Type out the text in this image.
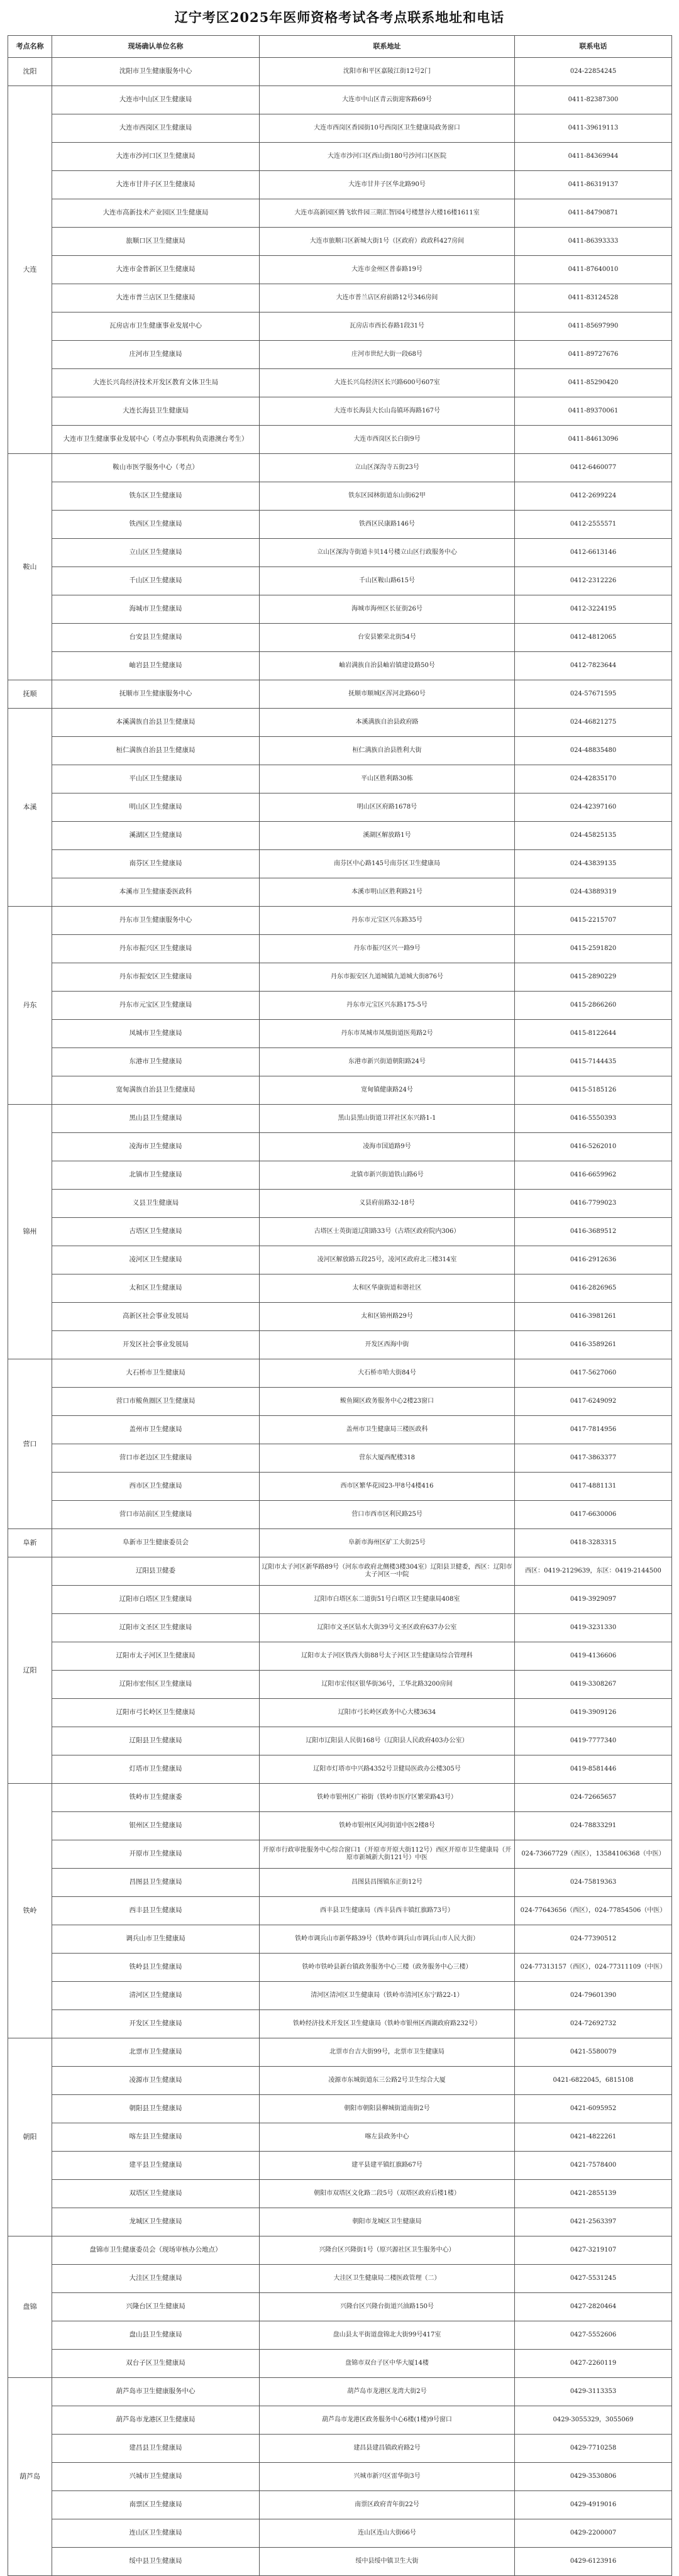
辽宁考区2025年医师资格考试各考点联系地址和电话
考点名称	现场确认单位名称	联系地址	联系电话
沈阳	沈阳市卫生健康服务中心	沈阳市和平区嘉陵江街12号2门	024-22854245
大连	大连市中山区卫生健康局	大连市中山区青云街迎客路69号	0411-82387300
	大连市西岗区卫生健康局	大连市西岗区香园街10号西岗区卫生健康局政务窗口	0411-39619113
	大连市沙河口区卫生健康局	大连市沙河口区西山街180号沙河口区医院	0411-84369944
	大连市甘井子区卫生健康局	大连市甘井子区华北路90号	0411-86319137
	大连市高新技术产业园区卫生健康局	大连市高新园区腾飞软件园三期汇智园4号楼慧谷大楼16楼1611室	0411-84790871
	旅顺口区卫生健康局	大连市旅顺口区新城大街1号（区政府）政政科427房间	0411-86393333
	大连市金普新区卫生健康局	大连市金州区普泰路19号	0411-87640010
	大连市普兰店区卫生健康局	大连市普兰店区府前路12号346房间	0411-83124528
	瓦房店市卫生健康事业发展中心	瓦房店市西长春路1段31号	0411-85697990
	庄河市卫生健康局	庄河市世纪大街一段68号	0411-89727676
	大连长兴岛经济技术开发区教育文体卫生局	大连长兴岛经济区长兴路600号607室	0411-85290420
	大连长海县卫生健康局	大连市长海县大长山岛镇环海路167号	0411-89370061
	大连市卫生健康事业发展中心（考点办事机构负责港澳台考生）	大连市西岗区长白街9号	0411-84613096
鞍山	鞍山市医学服务中心（考点）	立山区深沟寺五街23号	0412-6460077
	铁东区卫生健康局	铁东区园林街道东山街62甲	0412-2699224
	铁西区卫生健康局	铁西区民康路146号	0412-2555571
	立山区卫生健康局	立山区深沟寺街道卡贝14号楼立山区行政服务中心	0412-6613146
	千山区卫生健康局	千山区鞍山路615号	0412-2312226
	海城市卫生健康局	海城市海州区长征街26号	0412-3224195
	台安县卫生健康局	台安县繁荣北街54号	0412-4812065
	岫岩县卫生健康局	岫岩满族自治县岫岩镇建设路50号	0412-7823644
抚顺	抚顺市卫生健康服务中心	抚顺市顺城区浑河北路60号	024-57671595
本溪	本溪满族自治县卫生健康局	本溪满族自治县政府路	024-46821275
	桓仁满族自治县卫生健康局	桓仁满族自治县胜利大街	024-48835480
	平山区卫生健康局	平山区胜利路30栋	024-42835170
	明山区卫生健康局	明山区区府路1678号	024-42397160
	溪湖区卫生健康局	溪湖区解放路1号	024-45825135
	南芬区卫生健康局	南芬区中心路145号南芬区卫生健康局	024-43839135
	本溪市卫生健康委医政科	本溪市明山区胜利路21号	024-43889319
丹东	丹东市卫生健康服务中心	丹东市元宝区兴东路35号	0415-2215707
	丹东市振兴区卫生健康局	丹东市振兴区兴一路9号	0415-2591820
	丹东市振安区卫生健康局	丹东市振安区九道城镇九道城大街876号	0415-2890229
	丹东市元宝区卫生健康局	丹东市元宝区兴东路175-5号	0415-2866260
	凤城市卫生健康局	丹东市凤城市凤凰街道医苑路2号	0415-8122644
	东港市卫生健康局	东港市新兴街道朝阳路24号	0415-7144435
	宽甸满族自治县卫生健康局	宽甸镇健康路24号	0415-5185126
锦州	黑山县卫生健康局	黑山县黑山街道卫祥社区东兴路1-1	0416-5550393
	凌海市卫生健康局	凌海市国道路9号	0416-5262010
	北镇市卫生健康局	北镇市新兴街道铁山路6号	0416-6659962
	义县卫生健康局	义县府前路32-18号	0416-7799023
	古塔区卫生健康局	古塔区士英街道辽阳路33号（古塔区政府院内306）	0416-3689512
	凌河区卫生健康局	凌河区解放路五段25号，凌河区政府北三楼314室	0416-2912636
	太和区卫生健康局	太和区华康街道和谐社区	0416-2826965
	高新区社会事业发展局	太和区锦州路29号	0416-3981261
	开发区社会事业发展局	开发区西海中街	0416-3589261
营口	大石桥市卫生健康局	大石桥市哈大街84号	0417-5627060
	营口市鲅鱼圈区卫生健康局	鲅鱼圈区政务服务中心2楼23窗口	0417-6249092
	盖州市卫生健康局	盖州市卫生健康局三楼医政科	0417-7814956
	营口市老边区卫生健康局	营东大厦西配楼318	0417-3863377
	西市区卫生健康局	西市区繁华花园23-甲8号4楼416	0417-4881131
	营口市站前区卫生健康局	营口市西市区利民路25号	0417-6630006
阜新	阜新市卫生健康委员会	阜新市海州区矿工大街25号	0418-3283315
辽阳	辽阳县卫健委	辽阳市太子河区新华路89号（河东市政府北侧楼3楼304室）辽阳县卫健委，西区：辽阳市太子河区一中院	西区：0419-2129639，东区：0419-2144500
	辽阳市白塔区卫生健康局	辽阳市白塔区东二道街51号白塔区卫生健康局408室	0419-3929097
	辽阳市文圣区卫生健康局	辽阳市文圣区钻水大街39号文圣区政府637办公室	0419-3231330
	辽阳市太子河区卫生健康局	辽阳市太子河区铁西大街88号太子河区卫生健康局综合管理科	0419-4136606
	辽阳市宏伟区卫生健康局	辽阳市宏伟区银华街36号，工华北路3200房间	0419-3308267
	辽阳市弓长岭区卫生健康局	辽阳市弓长岭区政务中心大楼3634	0419-3909126
	辽阳县卫生健康局	辽阳市辽阳县人民街168号（辽阳县人民政府403办公室）	0419-7777340
	灯塔市卫生健康局	辽阳市灯塔市中兴路4352号卫健局医政办公楼305号	0419-8581446
铁岭	铁岭市卫生健康委	铁岭市银州区广裕街（铁岭市医疗区繁荣路43号）	024-72665657
	银州区卫生健康局	铁岭市银州区风河街道中医2楼8号	024-78833291
	开原市卫生健康局	开原市行政审批服务中心综合窗口1（开原市开原大街112号）西区开原市卫生健康局（开原市新城新大街121号）中医	024-73667729（西区），13584106368（中医）
	昌图县卫生健康局	昌图县昌图镇东正街12号	024-75819363
	西丰县卫生健康局	西丰县卫生健康局（西丰县西丰镇红旗路73号）	024-77643656（西区），024-77854506（中医）
	调兵山市卫生健康局	铁岭市调兵山市新华路39号（铁岭市调兵山市调兵山市人民大街）	024-77390512
	铁岭县卫生健康局	铁岭市铁岭县新台镇政务服务中心三楼（政务服务中心三楼）	024-77313157（西区），024-77311109（中医）
	清河区卫生健康局	清河区清河区卫生健康局（铁岭市清河区东宁路22-1）	024-79601390
	开发区卫生健康局	铁岭经济技术开发区卫生健康局（铁岭市银州区西湖政府路232号）	024-72692732
朝阳	北票市卫生健康局	北票市台吉大街99号，北票市卫生健康局	0421-5580079
	凌源市卫生健康局	凌源市东城街道东三公路2号卫生综合大厦	0421-6822045，6815108
	朝阳县卫生健康局	朝阳市朝阳县柳城街道南街2号	0421-6095952
	喀左县卫生健康局	喀左县政务中心	0421-4822261
	建平县卫生健康局	建平县建平镇红旗路67号	0421-7578400
	双塔区卫生健康局	朝阳市双塔区文化路二段5号（双塔区政府后楼1楼）	0421-2855139
	龙城区卫生健康局	朝阳市龙城区卫生健康局	0421-2563397
盘锦	盘锦市卫生健康委员会（现场审核办公地点）	兴隆台区兴隆街1号（原兴源社区卫生服务中心）	0427-3219107
	大洼区卫生健康局	大洼区卫生健康局二楼医政管理（二）	0427-5531245
	兴隆台区卫生健康局	兴隆台区兴隆台街道兴油路150号	0427-2820464
	盘山县卫生健康局	盘山县太平街道盘锦北大街99号417室	0427-5552606
	双台子区卫生健康局	盘锦市双台子区中华大厦14楼	0427-2260119
葫芦岛	葫芦岛市卫生健康服务中心	葫芦岛市龙港区龙湾大街2号	0429-3113353
	葫芦岛市龙港区卫生健康局	葫芦岛市龙港区政务服务中心6楼(1楼)9号窗口	0429-3055329，3055069
	建昌县卫生健康局	建昌县建昌镇政府路2号	0429-7710258
	兴城市卫生健康局	兴城市新兴区雷华街3号	0429-3530806
	南票区卫生健康局	南票区政府青年街22号	0429-4919016
	连山区卫生健康局	连山区连山大街66号	0429-2200007
	绥中县卫生健康局	绥中县绥中镇卫生大街	0429-6123916
